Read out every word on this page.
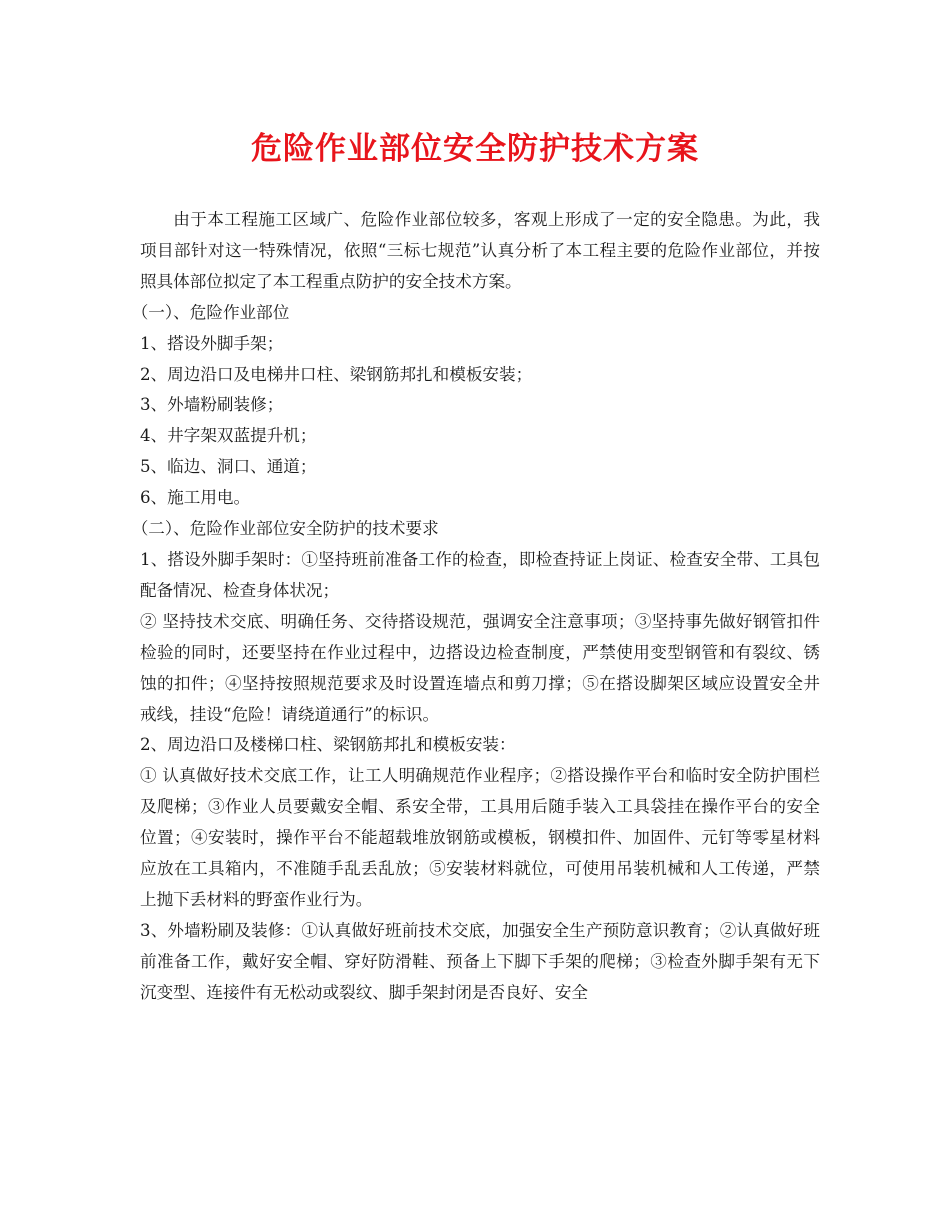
危险作业部位安全防护技术方案

由于本工程施工区域广、危险作业部位较多，客观上形成了一定的安全隐患。为此，我项目部针对这一特殊情况，依照“三标七规范”认真分析了本工程主要的危险作业部位，并按照具体部位拟定了本工程重点防护的安全技术方案。

（一）、危险作业部位

1、搭设外脚手架；

2、周边沿口及电梯井口柱、梁钢筋邦扎和模板安装；

3、外墙粉刷装修；

4、井字架双蓝提升机；

5、临边、洞口、通道；

6、施工用电。

（二）、危险作业部位安全防护的技术要求

1、搭设外脚手架时：①坚持班前准备工作的检查，即检查持证上岗证、检查安全带、工具包配备情况、检查身体状况；

② 坚持技术交底、明确任务、交待搭设规范，强调安全注意事项；③坚持事先做好钢管扣件检验的同时，还要坚持在作业过程中，边搭设边检查制度，严禁使用变型钢管和有裂纹、锈蚀的扣件；④坚持按照规范要求及时设置连墙点和剪刀撑；⑤在搭设脚架区域应设置安全井戒线，挂设“危险！请绕道通行”的标识。

2、周边沿口及楼梯口柱、梁钢筋邦扎和模板安装：

① 认真做好技术交底工作，让工人明确规范作业程序；②搭设操作平台和临时安全防护围栏及爬梯；③作业人员要戴安全帽、系安全带，工具用后随手装入工具袋挂在操作平台的安全位置；④安装时，操作平台不能超载堆放钢筋或模板，钢模扣件、加固件、元钉等零星材料应放在工具箱内，不准随手乱丢乱放；⑤安装材料就位，可使用吊装机械和人工传递，严禁上抛下丢材料的野蛮作业行为。

3、外墙粉刷及装修：①认真做好班前技术交底，加强安全生产预防意识教育；②认真做好班前准备工作，戴好安全帽、穿好防滑鞋、预备上下脚下手架的爬梯；③检查外脚手架有无下沉变型、连接件有无松动或裂纹、脚手架封闭是否良好、安全
